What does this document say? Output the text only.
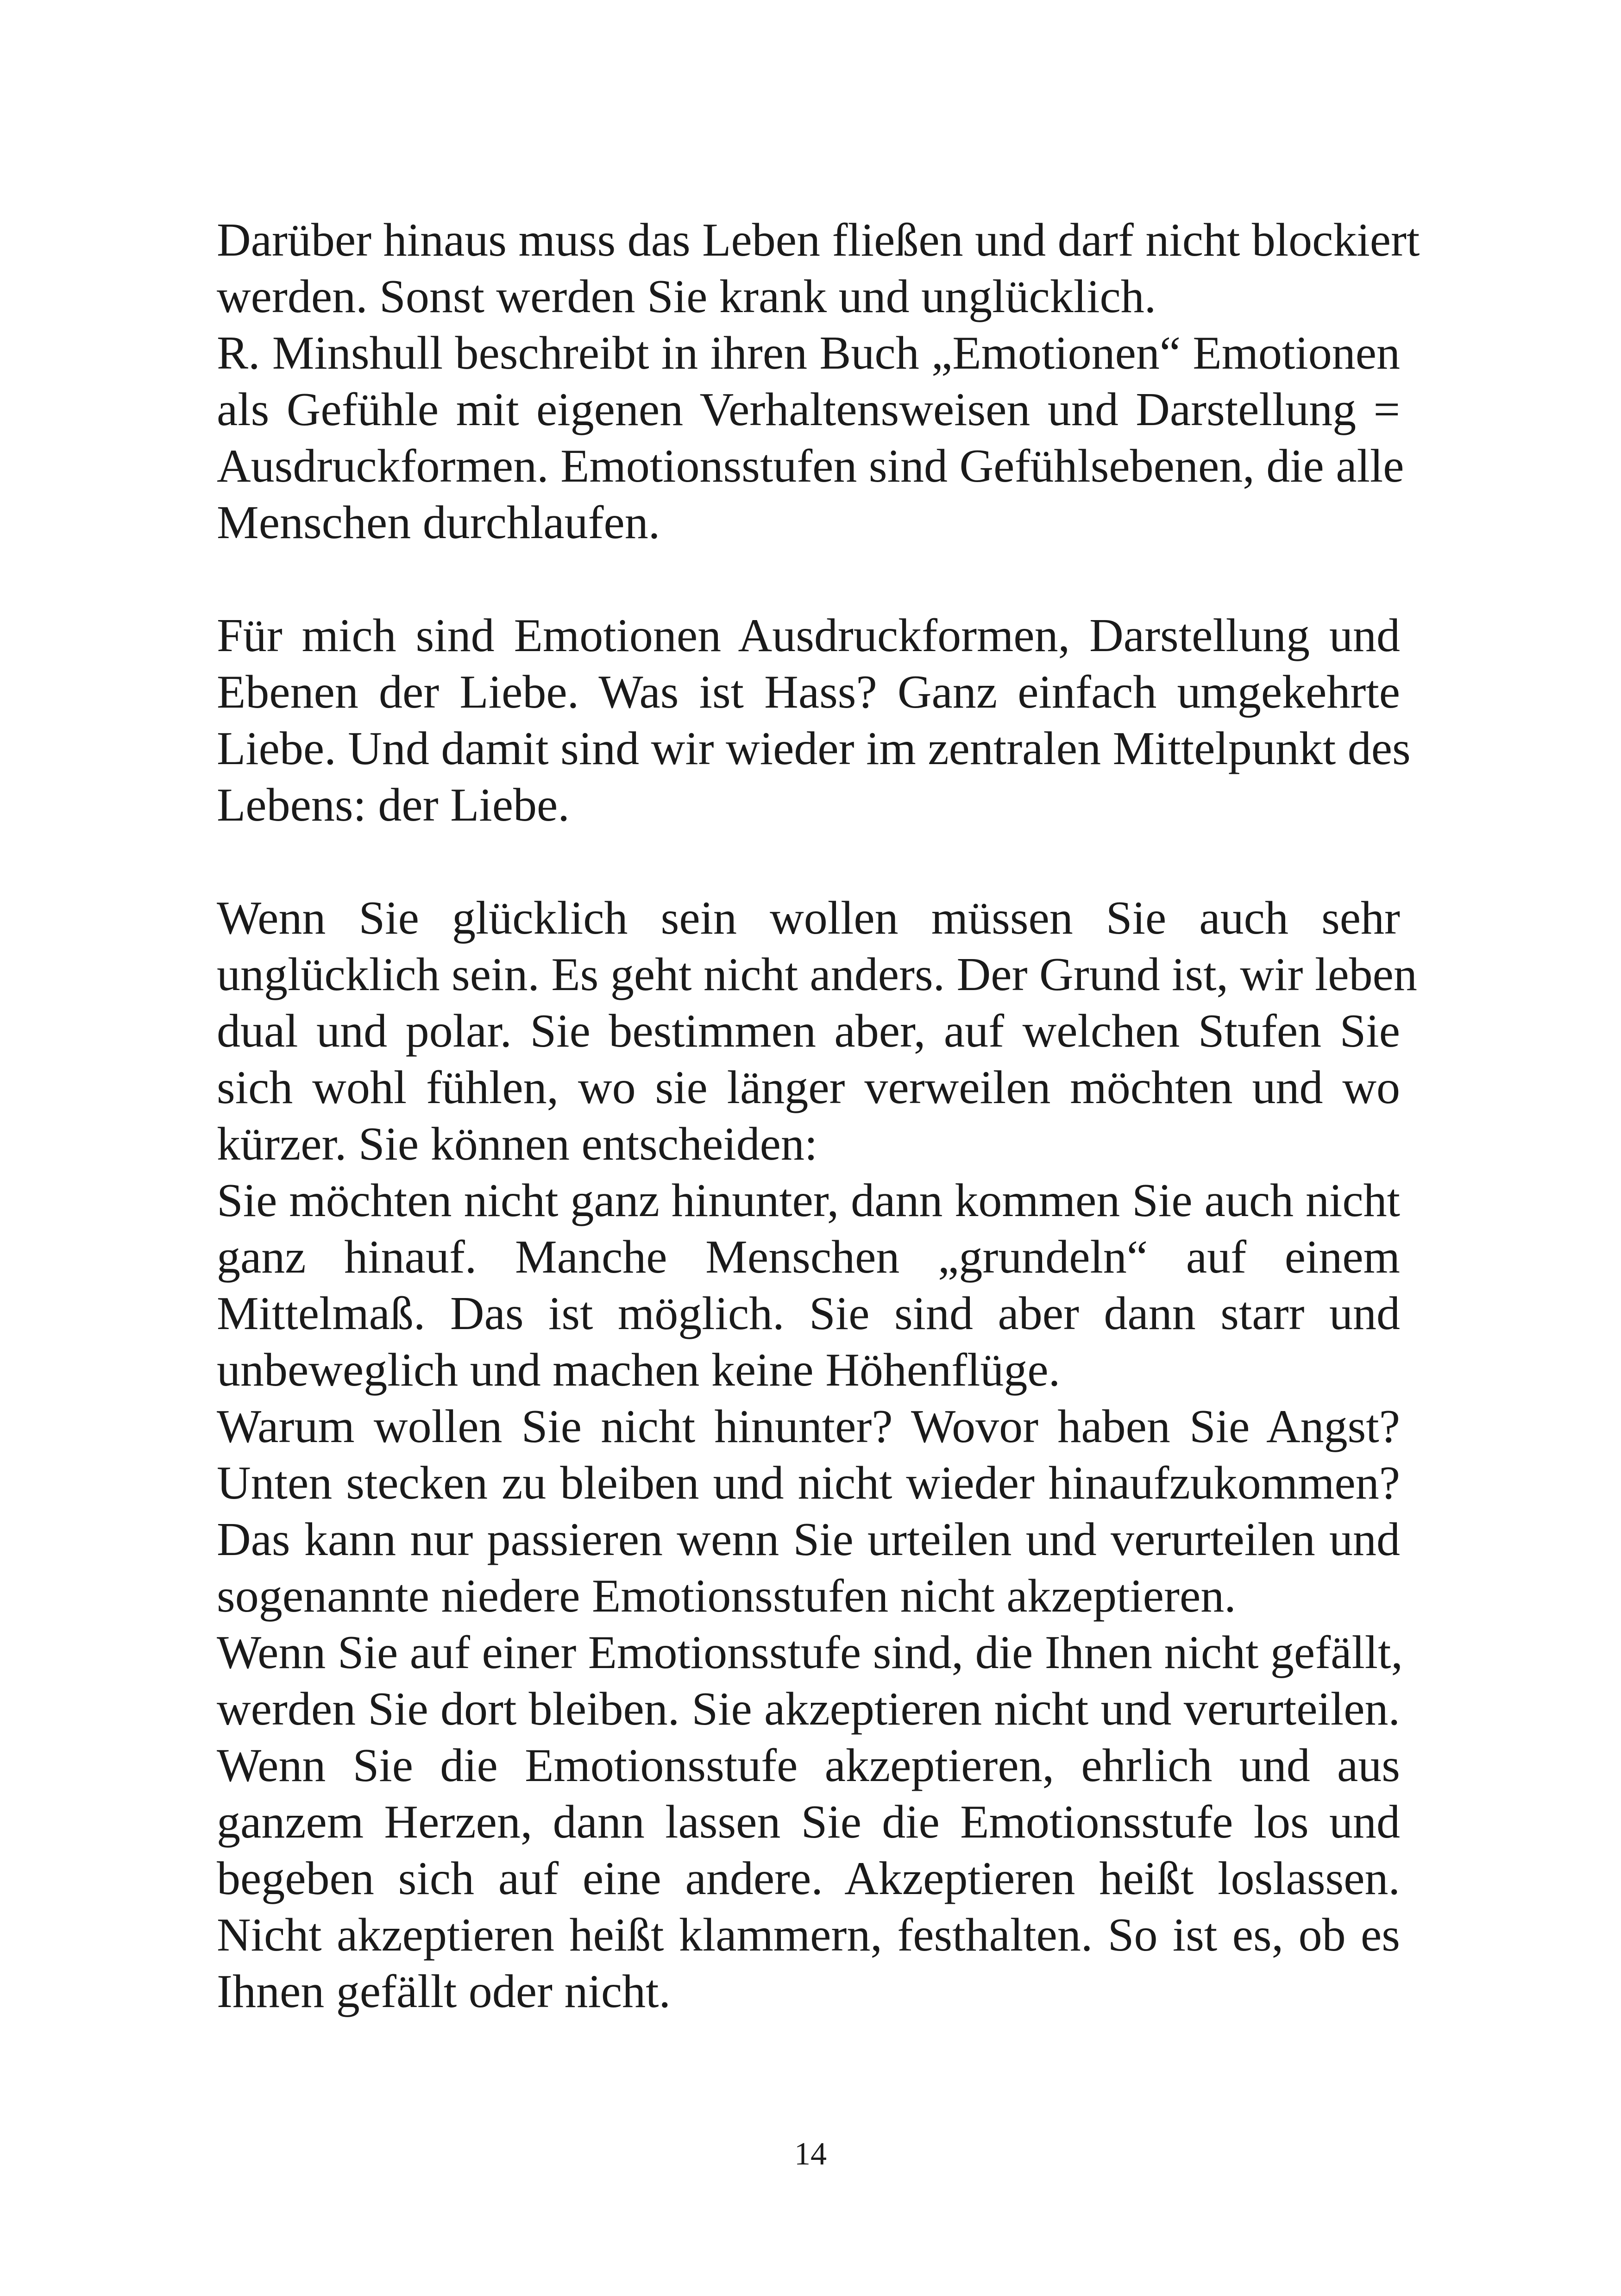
Darüber hinaus muss das Leben fließen und darf nicht blockiert
werden. Sonst werden Sie krank und unglücklich.
R. Minshull beschreibt in ihren Buch „Emotionen“ Emotionen
als Gefühle mit eigenen Verhaltensweisen und Darstellung =
Ausdruckformen. Emotionsstufen sind Gefühlsebenen, die alle
Menschen durchlaufen.
Für mich sind Emotionen Ausdruckformen, Darstellung und
Ebenen der Liebe. Was ist Hass? Ganz einfach umgekehrte
Liebe. Und damit sind wir wieder im zentralen Mittelpunkt des
Lebens: der Liebe.
Wenn Sie glücklich sein wollen müssen Sie auch sehr
unglücklich sein. Es geht nicht anders. Der Grund ist, wir leben
dual und polar. Sie bestimmen aber, auf welchen Stufen Sie
sich wohl fühlen, wo sie länger verweilen möchten und wo
kürzer. Sie können entscheiden:
Sie möchten nicht ganz hinunter, dann kommen Sie auch nicht
ganz hinauf. Manche Menschen „grundeln“ auf einem
Mittelmaß. Das ist möglich. Sie sind aber dann starr und
unbeweglich und machen keine Höhenflüge.
Warum wollen Sie nicht hinunter? Wovor haben Sie Angst?
Unten stecken zu bleiben und nicht wieder hinaufzukommen?
Das kann nur passieren wenn Sie urteilen und verurteilen und
sogenannte niedere Emotionsstufen nicht akzeptieren.
Wenn Sie auf einer Emotionsstufe sind, die Ihnen nicht gefällt,
werden Sie dort bleiben. Sie akzeptieren nicht und verurteilen.
Wenn Sie die Emotionsstufe akzeptieren, ehrlich und aus
ganzem Herzen, dann lassen Sie die Emotionsstufe los und
begeben sich auf eine andere. Akzeptieren heißt loslassen.
Nicht akzeptieren heißt klammern, festhalten. So ist es, ob es
Ihnen gefällt oder nicht.
14
